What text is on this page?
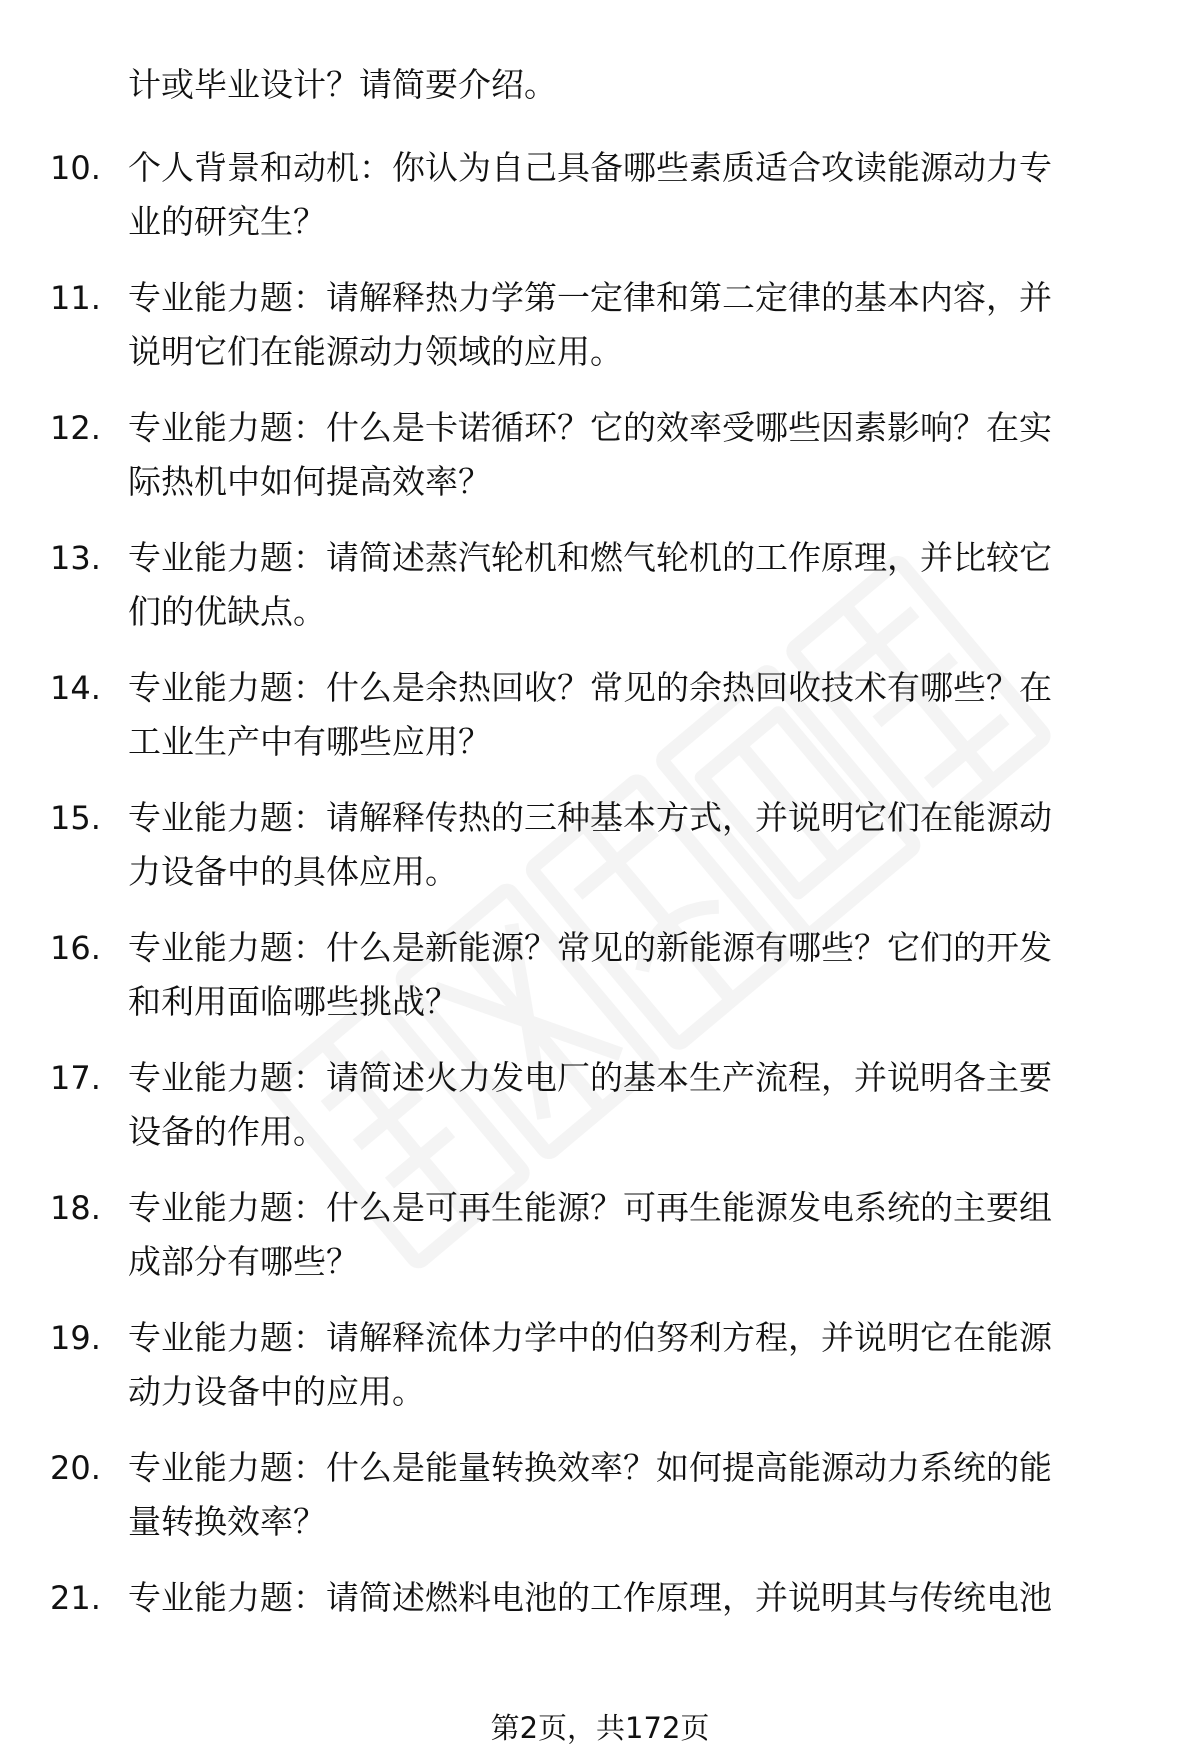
计或毕业设计？请简要介绍。
10. 个人背景和动机：你认为自己具备哪些素质适合攻读能源动力专
业的研究生？
11. 专业能力题：请解释热力学第一定律和第二定律的基本内容，并
说明它们在能源动力领域的应用。
12. 专业能力题：什么是卡诺循环？它的效率受哪些因素影响？在实
际热机中如何提高效率？
13. 专业能力题：请简述蒸汽轮机和燃气轮机的工作原理，并比较它
们的优缺点。
14. 专业能力题：什么是余热回收？常见的余热回收技术有哪些？在
工业生产中有哪些应用？
15. 专业能力题：请解释传热的三种基本方式，并说明它们在能源动
力设备中的具体应用。
16. 专业能力题：什么是新能源？常见的新能源有哪些？它们的开发
和利用面临哪些挑战？
17. 专业能力题：请简述火力发电厂的基本生产流程，并说明各主要
设备的作用。
18. 专业能力题：什么是可再生能源？可再生能源发电系统的主要组
成部分有哪些？
19. 专业能力题：请解释流体力学中的伯努利方程，并说明它在能源
动力设备中的应用。
20. 专业能力题：什么是能量转换效率？如何提高能源动力系统的能
量转换效率？
21. 专业能力题：请简述燃料电池的工作原理，并说明其与传统电池
第2页，共172页
